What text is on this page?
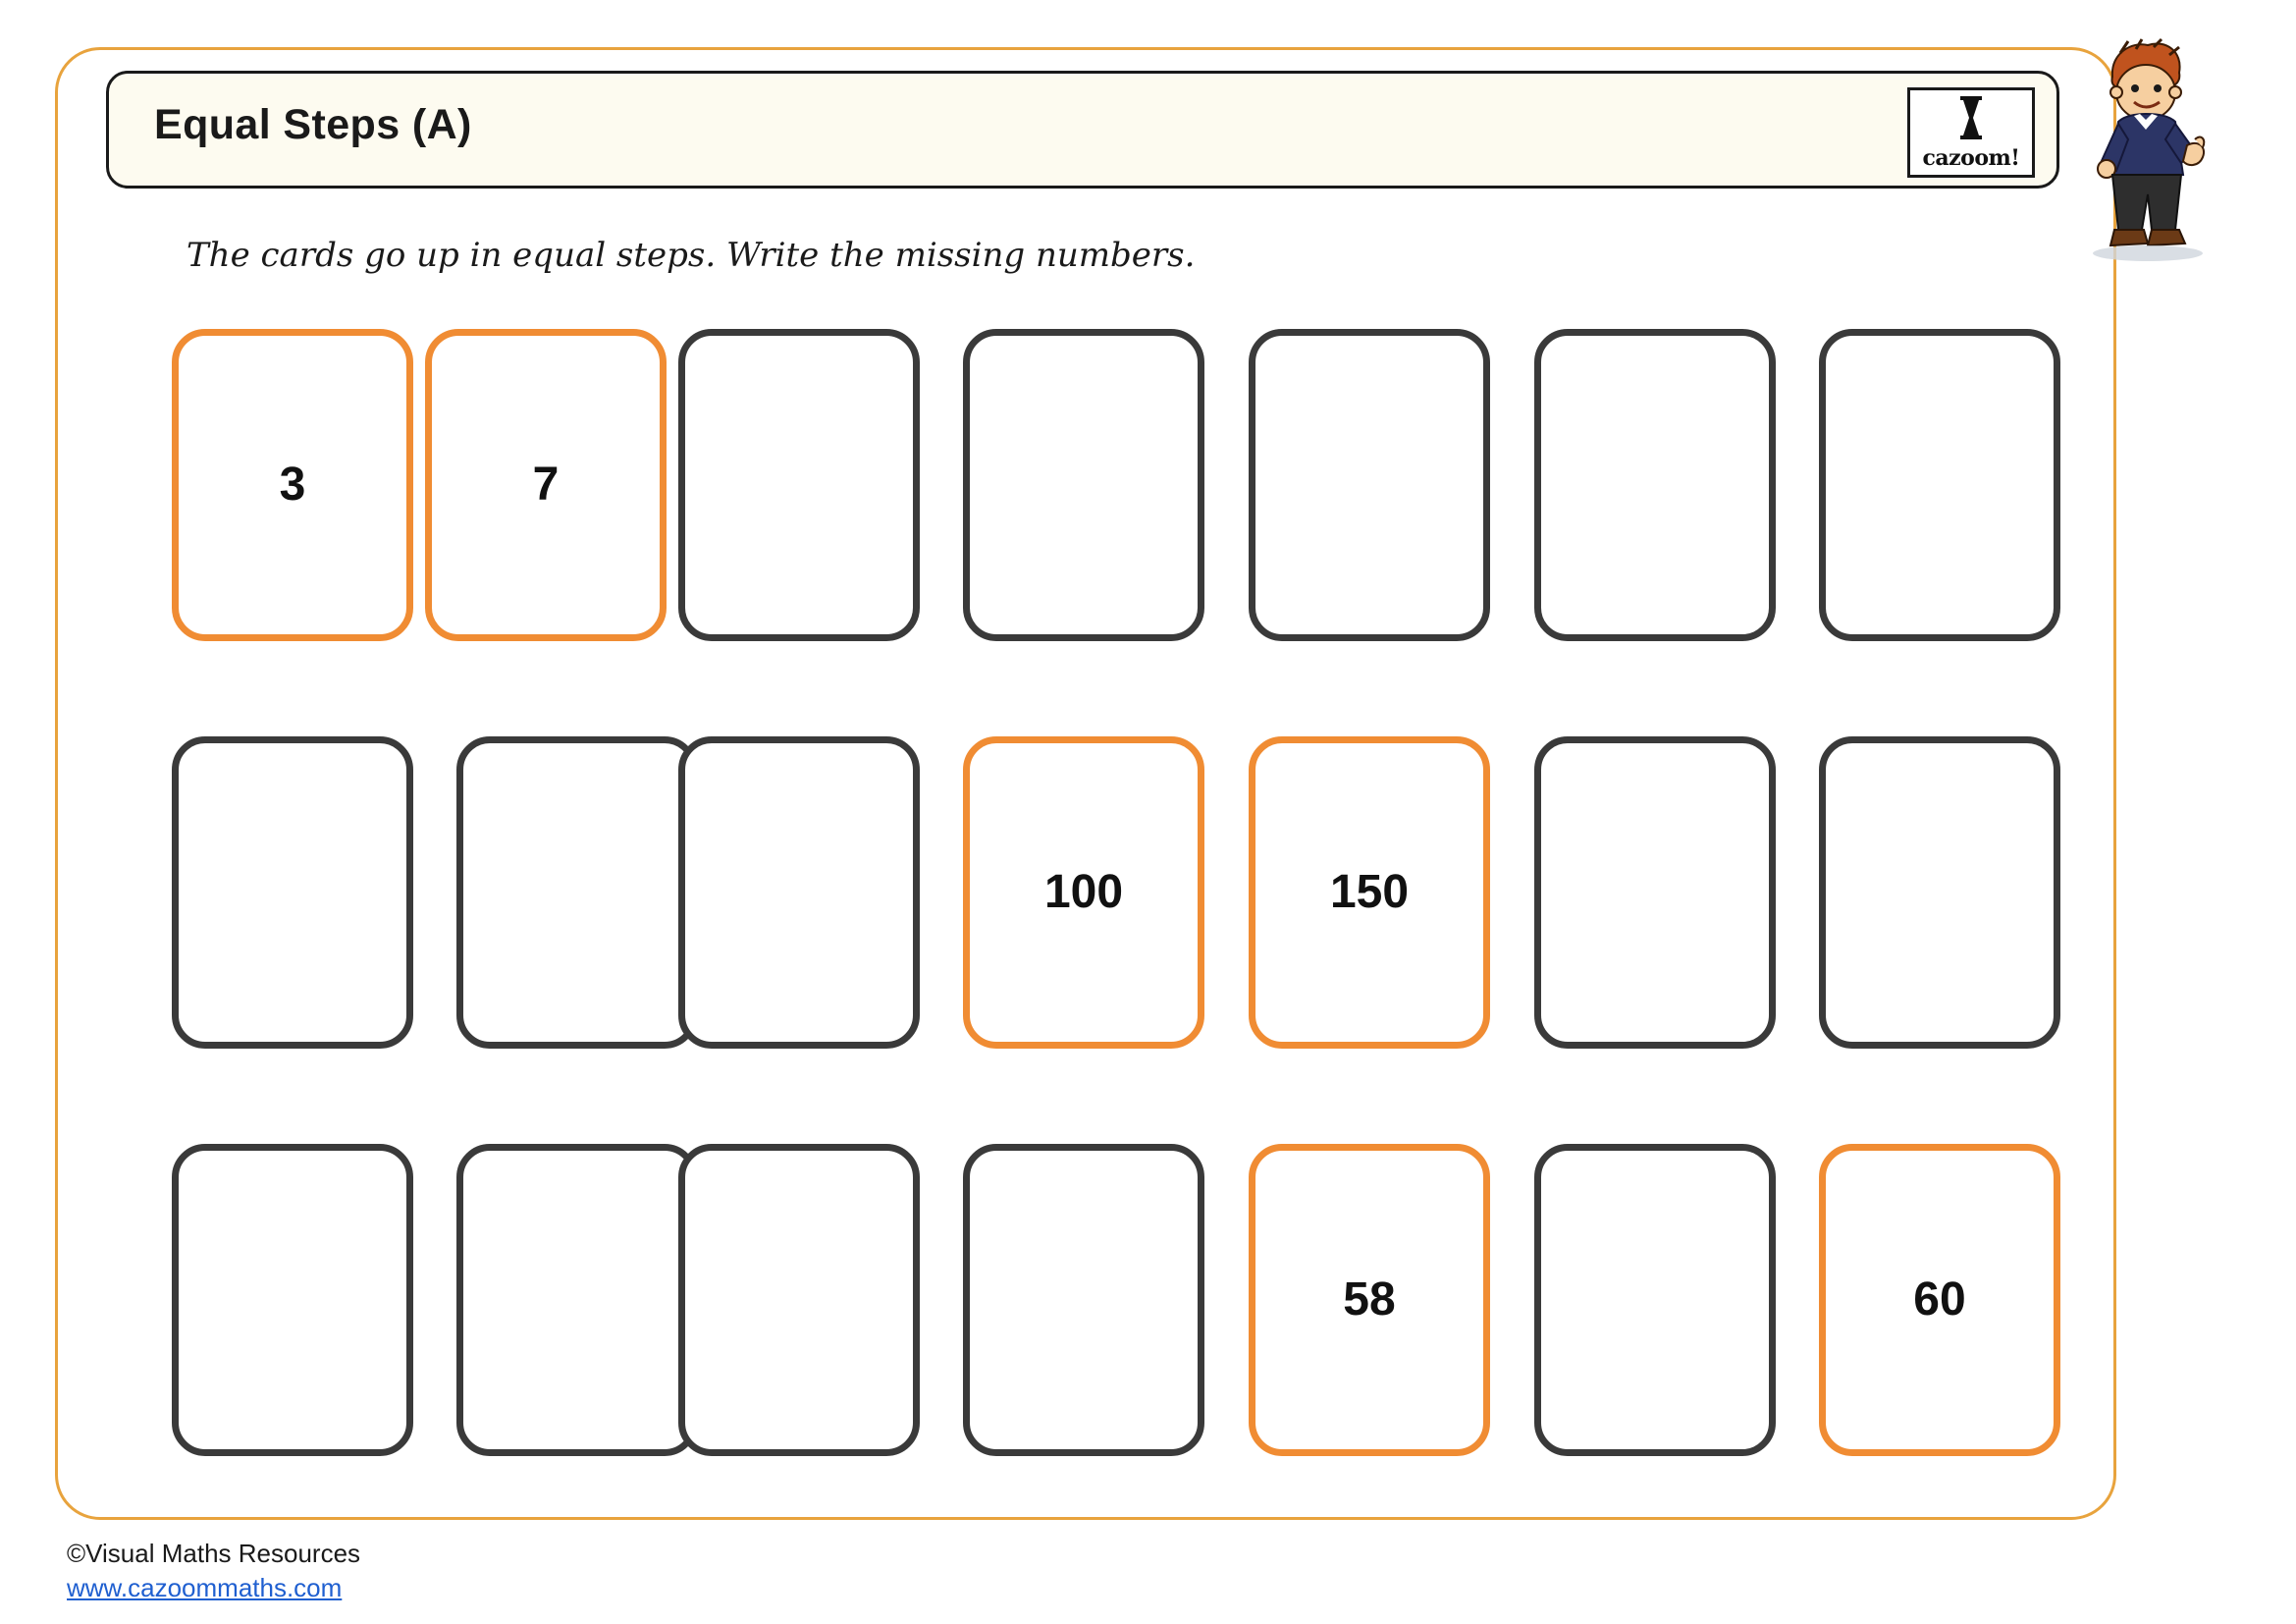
Equal Steps (A)
cazoom!
The cards go up in equal steps. Write the missing numbers.
3	7
100	150
58	60
©Visual Maths Resources
www.cazoommaths.com
